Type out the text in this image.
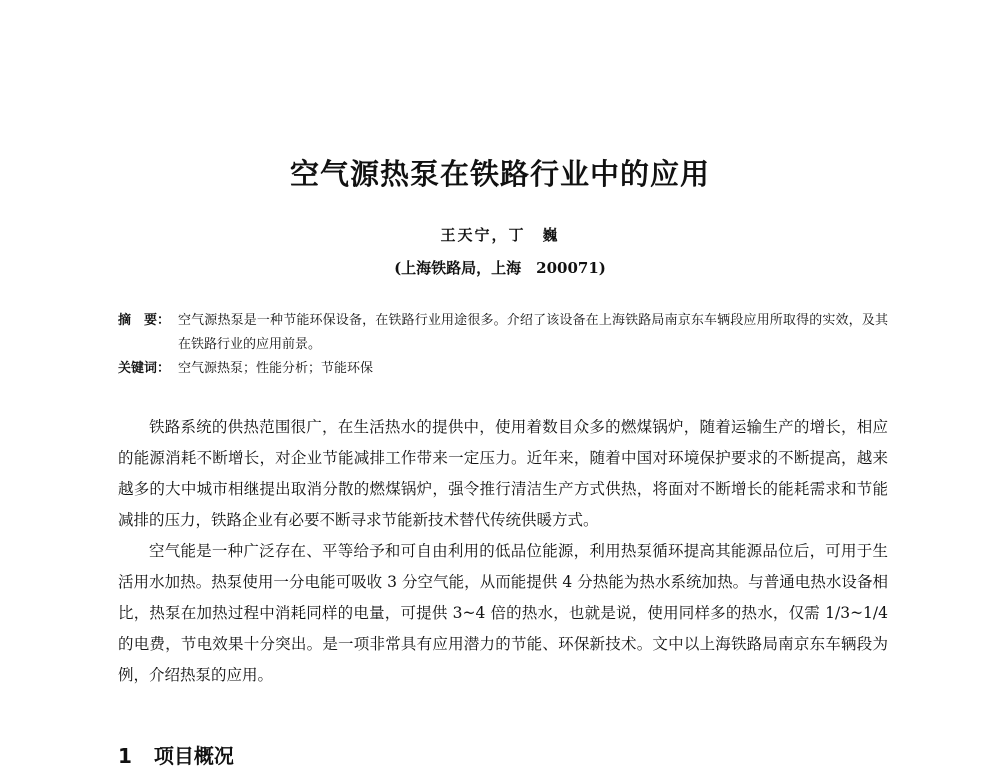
空气源热泵在铁路行业中的应用
王天宁，丁　巍
(上海铁路局，上海　200071)
摘　要： 空气源热泵是一种节能环保设备，在铁路行业用途很多。介绍了该设备在上海铁路局南京东车辆段应用所取得的实效，及其在铁路行业的应用前景。
关键词： 空气源热泵；性能分析；节能环保

铁路系统的供热范围很广，在生活热水的提供中，使用着数目众多的燃煤锅炉，随着运输生产的增长，相应的能源消耗不断增长，对企业节能减排工作带来一定压力。近年来，随着中国对环境保护要求的不断提高，越来越多的大中城市相继提出取消分散的燃煤锅炉，强令推行清洁生产方式供热，将面对不断增长的能耗需求和节能减排的压力，铁路企业有必要不断寻求节能新技术替代传统供暖方式。

空气能是一种广泛存在、平等给予和可自由利用的低品位能源，利用热泵循环提高其能源品位后，可用于生活用水加热。热泵使用一分电能可吸收 3 分空气能，从而能提供 4 分热能为热水系统加热。与普通电热水设备相比，热泵在加热过程中消耗同样的电量，可提供 3~4 倍的热水，也就是说，使用同样多的热水，仅需 1/3~1/4 的电费，节电效果十分突出。是一项非常具有应用潜力的节能、环保新技术。文中以上海铁路局南京东车辆段为例，介绍热泵的应用。

1 项目概况
